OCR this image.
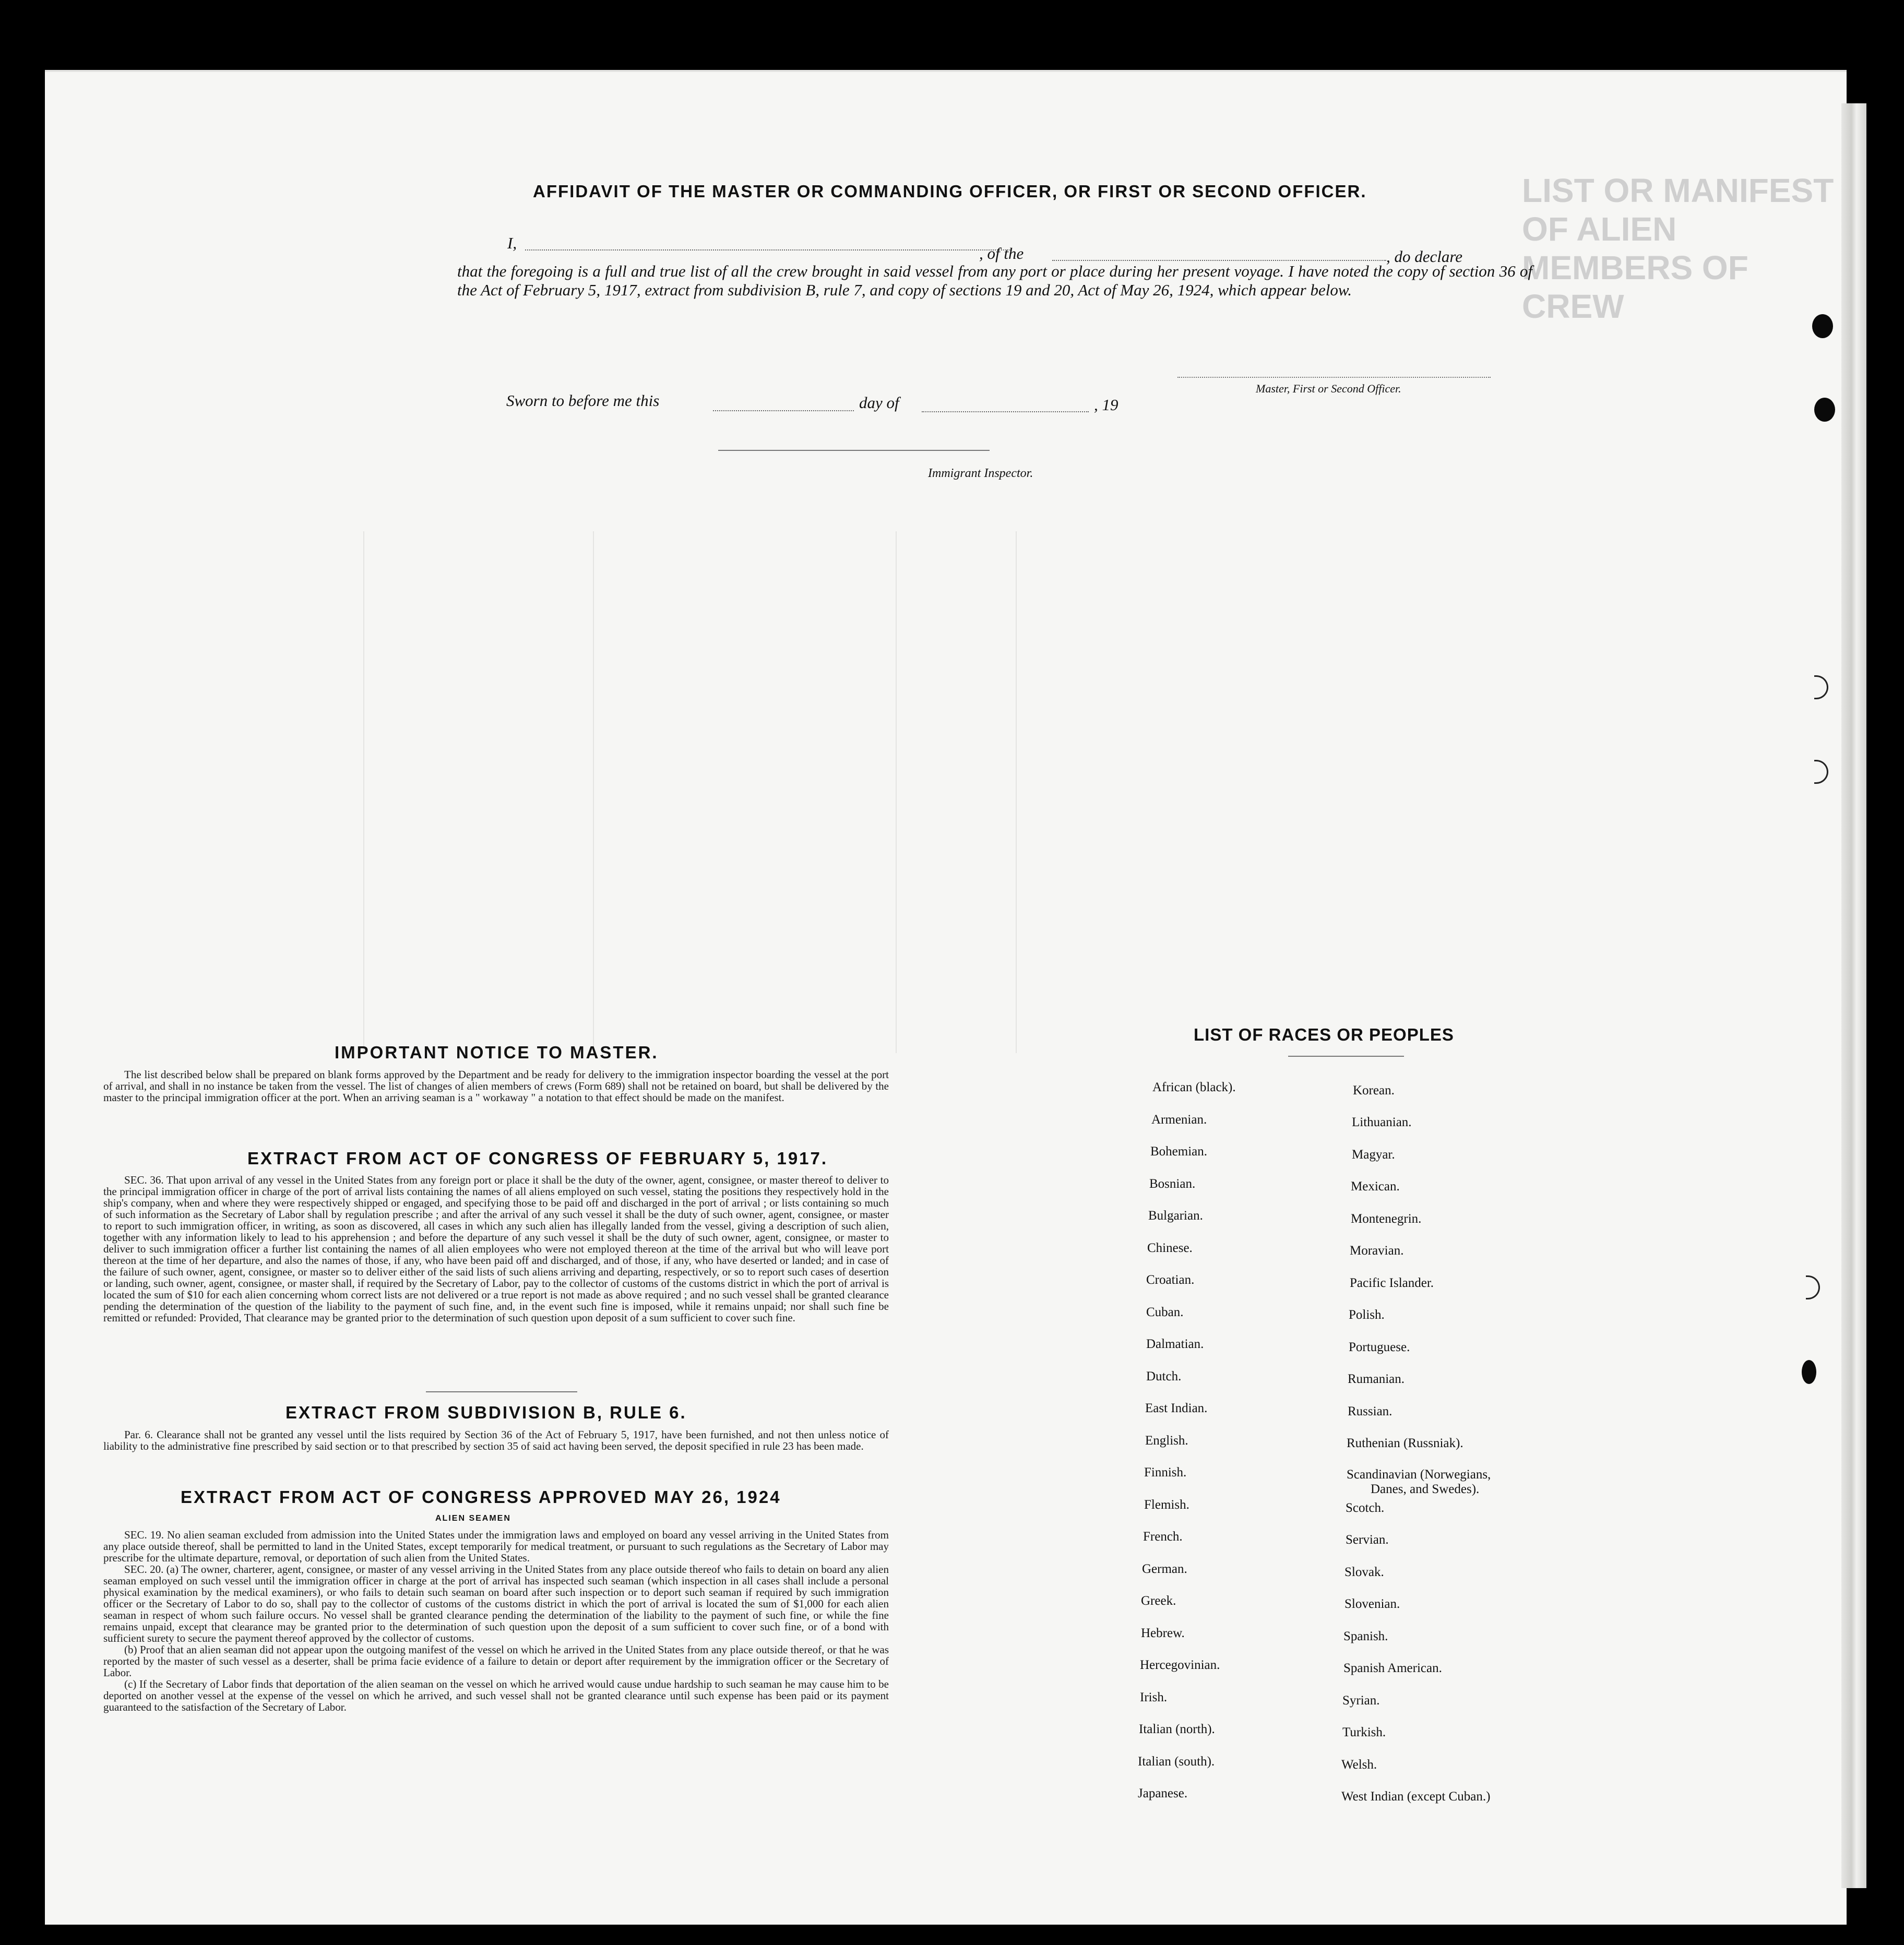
LIST OR MANIFEST OF ALIEN MEMBERS OF CREW
AFFIDAVIT OF THE MASTER OR COMMANDING OFFICER, OR FIRST OR SECOND OFFICER.
I,
, of the	, do declare
that the foregoing is a full and true list of all the crew brought in said vessel from any port or place during her present voyage. I have noted the copy of section 36 of the Act of February 5, 1917, extract from subdivision B, rule 7, and copy of sections 19 and 20, Act of May 26, 1924, which appear below.
Master, First or Second Officer.
Sworn to before me this	day of	, 19
Immigrant Inspector.
IMPORTANT NOTICE TO MASTER.

The list described below shall be prepared on blank forms approved by the Department and be ready for delivery to the immigration inspector boarding the vessel at the port of arrival, and shall in no instance be taken from the vessel. The list of changes of alien members of crews (Form 689) shall not be retained on board, but shall be delivered by the master to the principal immigration officer at the port. When an arriving seaman is a " workaway " a notation to that effect should be made on the manifest.

EXTRACT FROM ACT OF CONGRESS OF FEBRUARY 5, 1917.

SEC. 36. That upon arrival of any vessel in the United States from any foreign port or place it shall be the duty of the owner, agent, consignee, or master thereof to deliver to the principal immigration officer in charge of the port of arrival lists containing the names of all aliens employed on such vessel, stating the positions they respectively hold in the ship's company, when and where they were respectively shipped or engaged, and specifying those to be paid off and discharged in the port of arrival ; or lists containing so much of such information as the Secretary of Labor shall by regulation prescribe ; and after the arrival of any such vessel it shall be the duty of such owner, agent, consignee, or master to report to such immigration officer, in writing, as soon as discovered, all cases in which any such alien has illegally landed from the vessel, giving a description of such alien, together with any information likely to lead to his apprehension ; and before the departure of any such vessel it shall be the duty of such owner, agent, consignee, or master to deliver to such immigration officer a further list containing the names of all alien employees who were not employed thereon at the time of the arrival but who will leave port thereon at the time of her departure, and also the names of those, if any, who have been paid off and discharged, and of those, if any, who have deserted or landed; and in case of the failure of such owner, agent, consignee, or master so to deliver either of the said lists of such aliens arriving and departing, respectively, or so to report such cases of desertion or landing, such owner, agent, consignee, or master shall, if required by the Secretary of Labor, pay to the collector of customs of the customs district in which the port of arrival is located the sum of $10 for each alien concerning whom correct lists are not delivered or a true report is not made as above required ; and no such vessel shall be granted clearance pending the determination of the question of the liability to the payment of such fine, and, in the event such fine is imposed, while it remains unpaid; nor shall such fine be remitted or refunded: Provided, That clearance may be granted prior to the determination of such question upon deposit of a sum sufficient to cover such fine.

EXTRACT FROM SUBDIVISION B, RULE 6.

Par. 6. Clearance shall not be granted any vessel until the lists required by Section 36 of the Act of February 5, 1917, have been furnished, and not then unless notice of liability to the administrative fine prescribed by said section or to that prescribed by section 35 of said act having been served, the deposit specified in rule 23 has been made.

EXTRACT FROM ACT OF CONGRESS APPROVED MAY 26, 1924
ALIEN SEAMEN

SEC. 19. No alien seaman excluded from admission into the United States under the immigration laws and employed on board any vessel arriving in the United States from any place outside thereof, shall be permitted to land in the United States, except temporarily for medical treatment, or pursuant to such regulations as the Secretary of Labor may prescribe for the ultimate departure, removal, or deportation of such alien from the United States.

SEC. 20. (a) The owner, charterer, agent, consignee, or master of any vessel arriving in the United States from any place outside thereof who fails to detain on board any alien seaman employed on such vessel until the immigration officer in charge at the port of arrival has inspected such seaman (which inspection in all cases shall include a personal physical examination by the medical examiners), or who fails to detain such seaman on board after such inspection or to deport such seaman if required by such immigration officer or the Secretary of Labor to do so, shall pay to the collector of customs of the customs district in which the port of arrival is located the sum of $1,000 for each alien seaman in respect of whom such failure occurs. No vessel shall be granted clearance pending the determination of the liability to the payment of such fine, or while the fine remains unpaid, except that clearance may be granted prior to the determination of such question upon the deposit of a sum sufficient to cover such fine, or of a bond with sufficient surety to secure the payment thereof approved by the collector of customs.

(b) Proof that an alien seaman did not appear upon the outgoing manifest of the vessel on which he arrived in the United States from any place outside thereof, or that he was reported by the master of such vessel as a deserter, shall be prima facie evidence of a failure to detain or deport after requirement by the immigration officer or the Secretary of Labor.

(c) If the Secretary of Labor finds that deportation of the alien seaman on the vessel on which he arrived would cause undue hardship to such seaman he may cause him to be deported on another vessel at the expense of the vessel on which he arrived, and such vessel shall not be granted clearance until such expense has been paid or its payment guaranteed to the satisfaction of the Secretary of Labor.

LIST OF RACES OR PEOPLES
African (black).
Armenian.
Bohemian.
Bosnian.
Bulgarian.
Chinese.
Croatian.
Cuban.
Dalmatian.
Dutch.
East Indian.
English.
Finnish.
Flemish.
French.
German.
Greek.
Hebrew.
Hercegovinian.
Irish.
Italian (north).
Italian (south).
Japanese.
Korean.
Lithuanian.
Magyar.
Mexican.
Montenegrin.
Moravian.
Pacific Islander.
Polish.
Portuguese.
Rumanian.
Russian.
Ruthenian (Russniak).
Scandinavian (Norwegians,
Danes, and Swedes).
Scotch.
Servian.
Slovak.
Slovenian.
Spanish.
Spanish American.
Syrian.
Turkish.
Welsh.
West Indian (except Cuban.)
